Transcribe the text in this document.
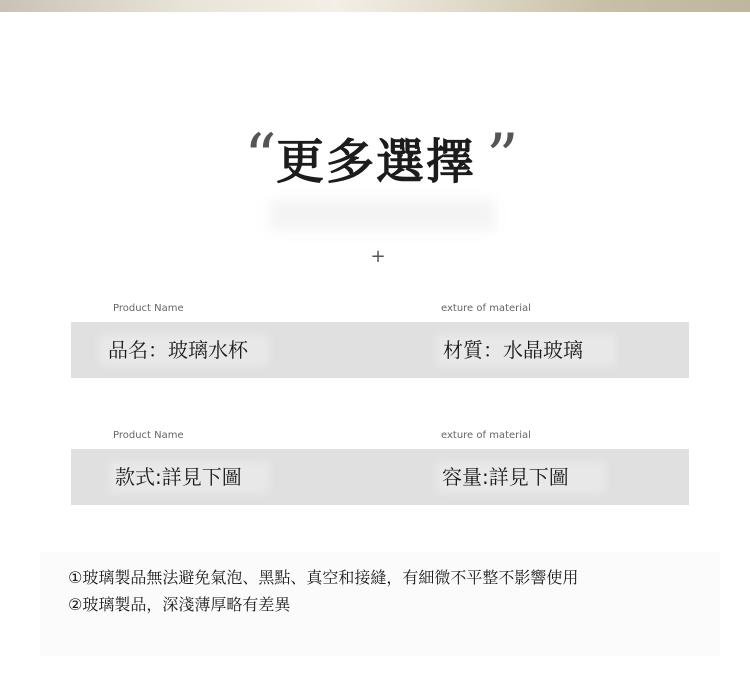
“ 更多選擇 ”
+
Product Name	exture of material
品名：玻璃水杯	材質：水晶玻璃
Product Name	exture of material
款式:詳見下圖	容量:詳見下圖
①玻璃製品無法避免氣泡、黑點、真空和接縫，有細微不平整不影響使用
②玻璃製品，深淺薄厚略有差異
